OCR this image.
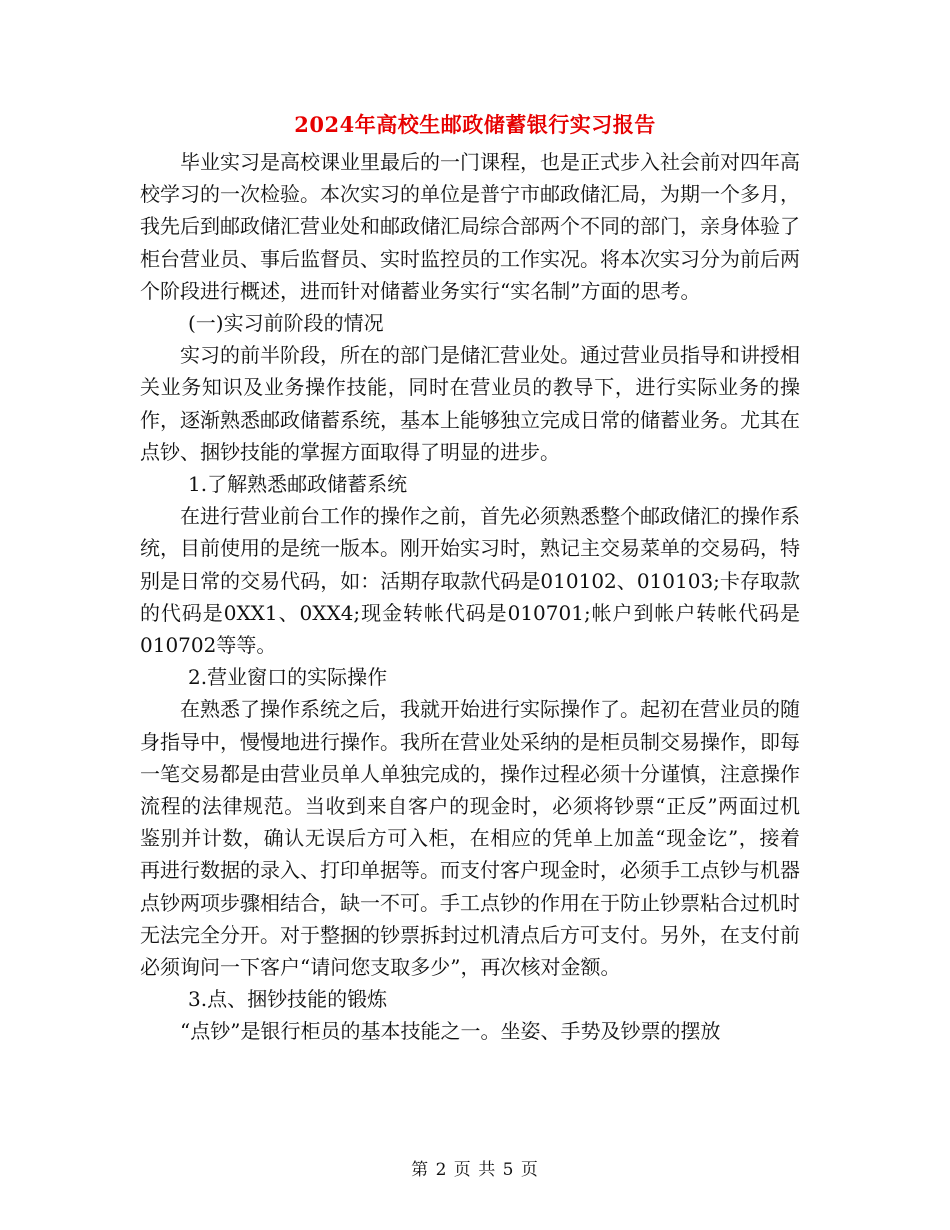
2024年高校生邮政储蓄银行实习报告

毕业实习是高校课业里最后的一门课程，也是正式步入社会前对四年高校学习的一次检验。本次实习的单位是普宁市邮政储汇局，为期一个多月，我先后到邮政储汇营业处和邮政储汇局综合部两个不同的部门，亲身体验了柜台营业员、事后监督员、实时监控员的工作实况。将本次实习分为前后两个阶段进行概述，进而针对储蓄业务实行“实名制”方面的思考。

(一)实习前阶段的情况

实习的前半阶段，所在的部门是储汇营业处。通过营业员指导和讲授相关业务知识及业务操作技能，同时在营业员的教导下，进行实际业务的操作，逐渐熟悉邮政储蓄系统，基本上能够独立完成日常的储蓄业务。尤其在点钞、捆钞技能的掌握方面取得了明显的进步。

1.了解熟悉邮政储蓄系统

在进行营业前台工作的操作之前，首先必须熟悉整个邮政储汇的操作系统，目前使用的是统一版本。刚开始实习时，熟记主交易菜单的交易码，特别是日常的交易代码，如：活期存取款代码是010102、010103;卡存取款的代码是0XX1、0XX4;现金转帐代码是010701;帐户到帐户转帐代码是010702等等。

2.营业窗口的实际操作

在熟悉了操作系统之后，我就开始进行实际操作了。起初在营业员的随身指导中，慢慢地进行操作。我所在营业处采纳的是柜员制交易操作，即每一笔交易都是由营业员单人单独完成的，操作过程必须十分谨慎，注意操作流程的法律规范。当收到来自客户的现金时，必须将钞票“正反”两面过机鉴别并计数，确认无误后方可入柜，在相应的凭单上加盖“现金讫”，接着再进行数据的录入、打印单据等。而支付客户现金时，必须手工点钞与机器点钞两项步骤相结合，缺一不可。手工点钞的作用在于防止钞票粘合过机时无法完全分开。对于整捆的钞票拆封过机清点后方可支付。另外，在支付前必须询问一下客户“请问您支取多少”，再次核对金额。

3.点、捆钞技能的锻炼

“点钞”是银行柜员的基本技能之一。坐姿、手势及钞票的摆放

第 2 页 共 5 页
